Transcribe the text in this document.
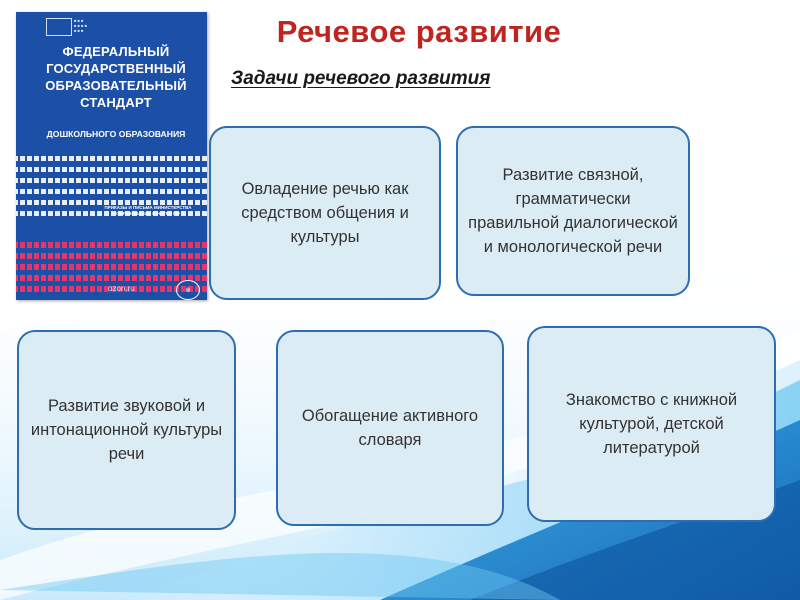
■ ■ ■
■ ■ ■ ■
■ ■ ■
ФЕДЕРАЛЬНЫЙ ГОСУДАРСТВЕННЫЙ ОБРАЗОВАТЕЛЬНЫЙ СТАНДАРТ
ДОШКОЛЬНОГО ОБРАЗОВАНИЯ
ПРИКАЗЫ И ПИСЬМА МИНИСТЕРСТВА ОБРАЗОВАНИЯ И НАУКИ РФ
ozon.ru	◎
Речевое развитие
Задачи речевого развития
Овладение речью как средством общения и культуры
Развитие связной, грамматически правильной диалогической и монологической речи
Развитие звуковой и интонационной культуры речи
Обогащение активного словаря
Знакомство с книжной культурой, детской литературой
